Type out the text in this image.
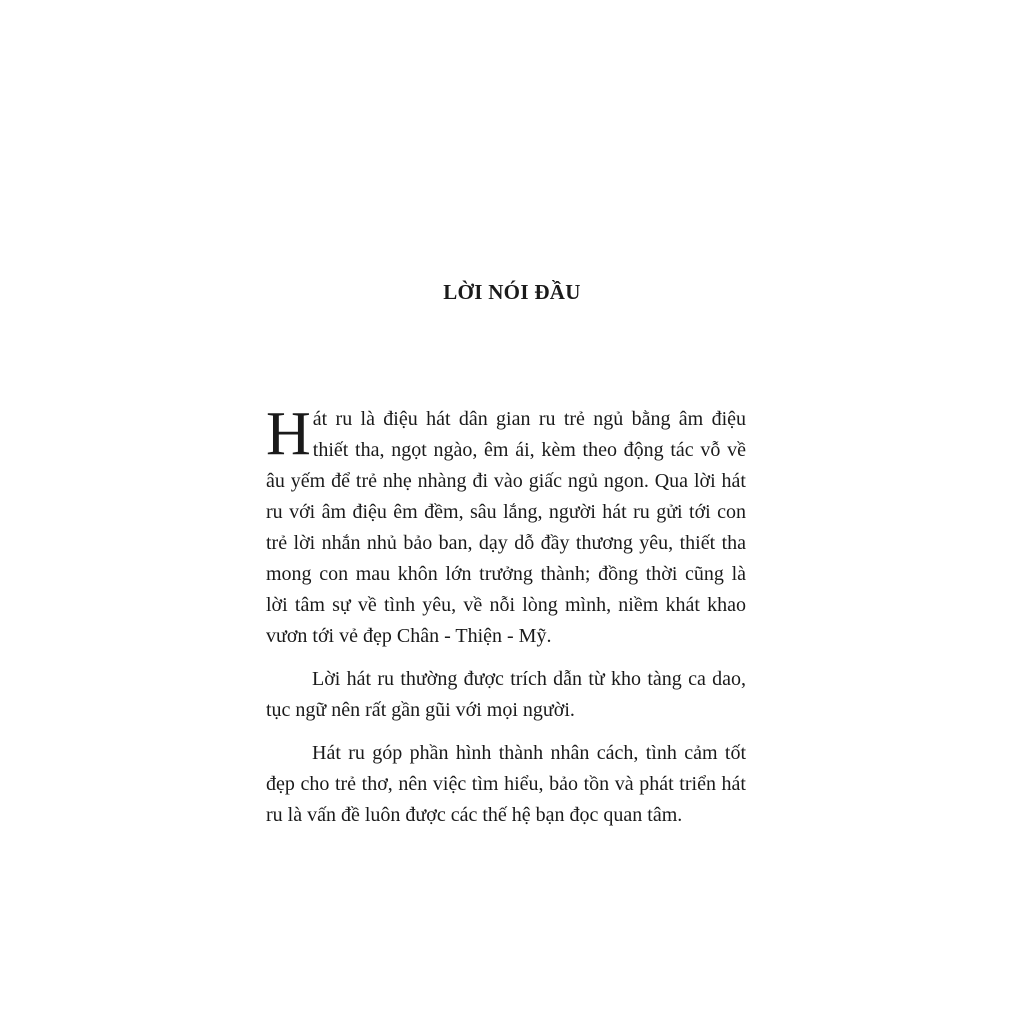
LỜI NÓI ĐẦU

Hát ru là điệu hát dân gian ru trẻ ngủ bằng âm điệu thiết tha, ngọt ngào, êm ái, kèm theo động tác vỗ về âu yếm để trẻ nhẹ nhàng đi vào giấc ngủ ngon. Qua lời hát ru với âm điệu êm đềm, sâu lắng, người hát ru gửi tới con trẻ lời nhắn nhủ bảo ban, dạy dỗ đầy thương yêu, thiết tha mong con mau khôn lớn trưởng thành; đồng thời cũng là lời tâm sự về tình yêu, về nỗi lòng mình, niềm khát khao vươn tới vẻ đẹp Chân - Thiện - Mỹ.

Lời hát ru thường được trích dẫn từ kho tàng ca dao, tục ngữ nên rất gần gũi với mọi người.

Hát ru góp phần hình thành nhân cách, tình cảm tốt đẹp cho trẻ thơ, nên việc tìm hiểu, bảo tồn và phát triển hát ru là vấn đề luôn được các thế hệ bạn đọc quan tâm.
